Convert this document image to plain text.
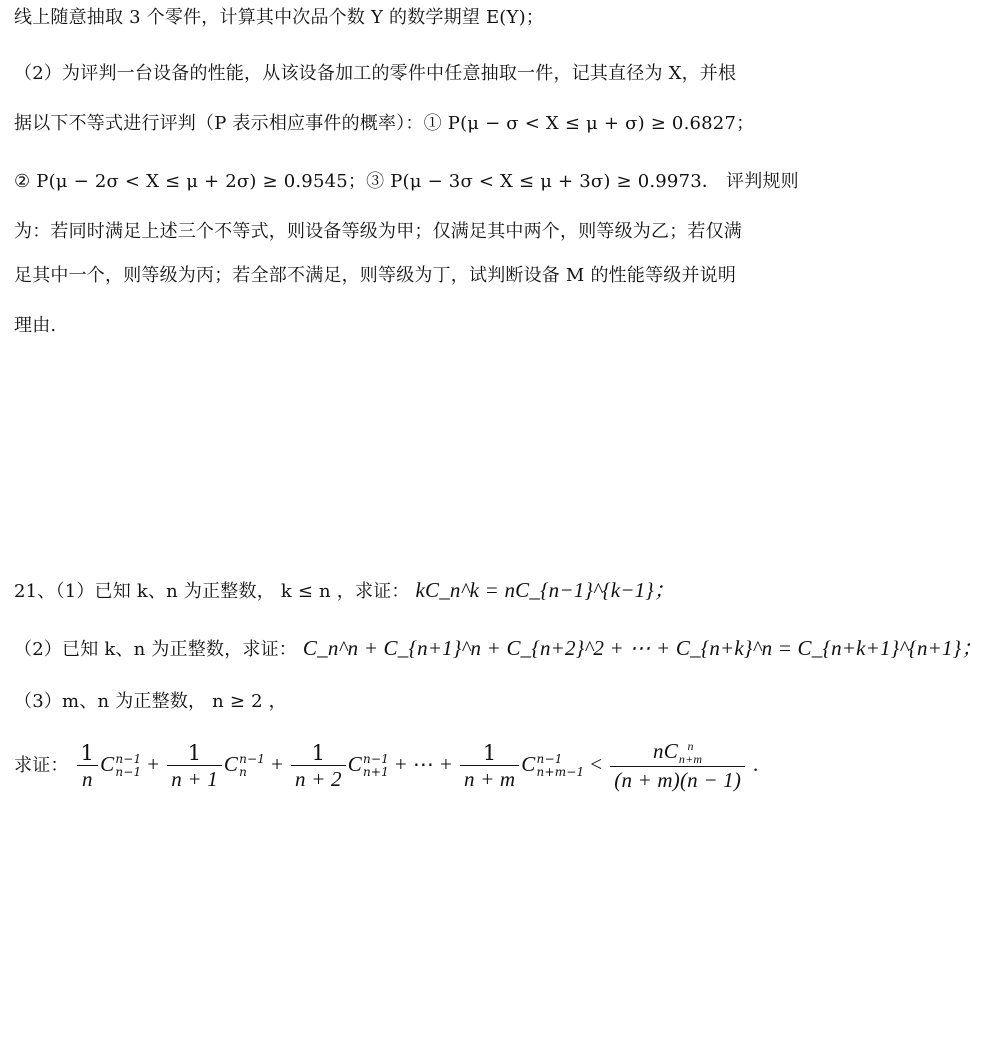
线上随意抽取 3 个零件，计算其中次品个数 Y 的数学期望 E(Y)；
（2）为评判一台设备的性能，从该设备加工的零件中任意抽取一件，记其直径为 X，并根
据以下不等式进行评判（P 表示相应事件的概率）：① P(μ − σ < X ≤ μ + σ) ≥ 0.6827；
② P(μ − 2σ < X ≤ μ + 2σ) ≥ 0.9545；③ P(μ − 3σ < X ≤ μ + 3σ) ≥ 0.9973． 评判规则
为：若同时满足上述三个不等式，则设备等级为甲；仅满足其中两个，则等级为乙；若仅满
足其中一个，则等级为丙；若全部不满足，则等级为丁，试判断设备 M 的性能等级并说明
理由.
21、（1）已知 k、n 为正整数， k ≤ n ，求证： kC_n^k = nC_{n−1}^{k−1}；
（2）已知 k、n 为正整数，求证： C_n^n + C_{n+1}^n + C_{n+2}^2 + ⋯ + C_{n+k}^n = C_{n+k+1}^{n+1}；
（3）m、n 为正整数， n ≥ 2 ，
求证： $\frac{1}{n}$ C n−1
$n-1 + \frac{1}{n + 1}$ C n−1
n	+ $\frac{1}{n + 2}$ C n−1
n+1 + ⋯ + $\frac{1}{n + m}$ C n−1
n+m−1 < nC n
n+m
(n + m)(n − 1) .
